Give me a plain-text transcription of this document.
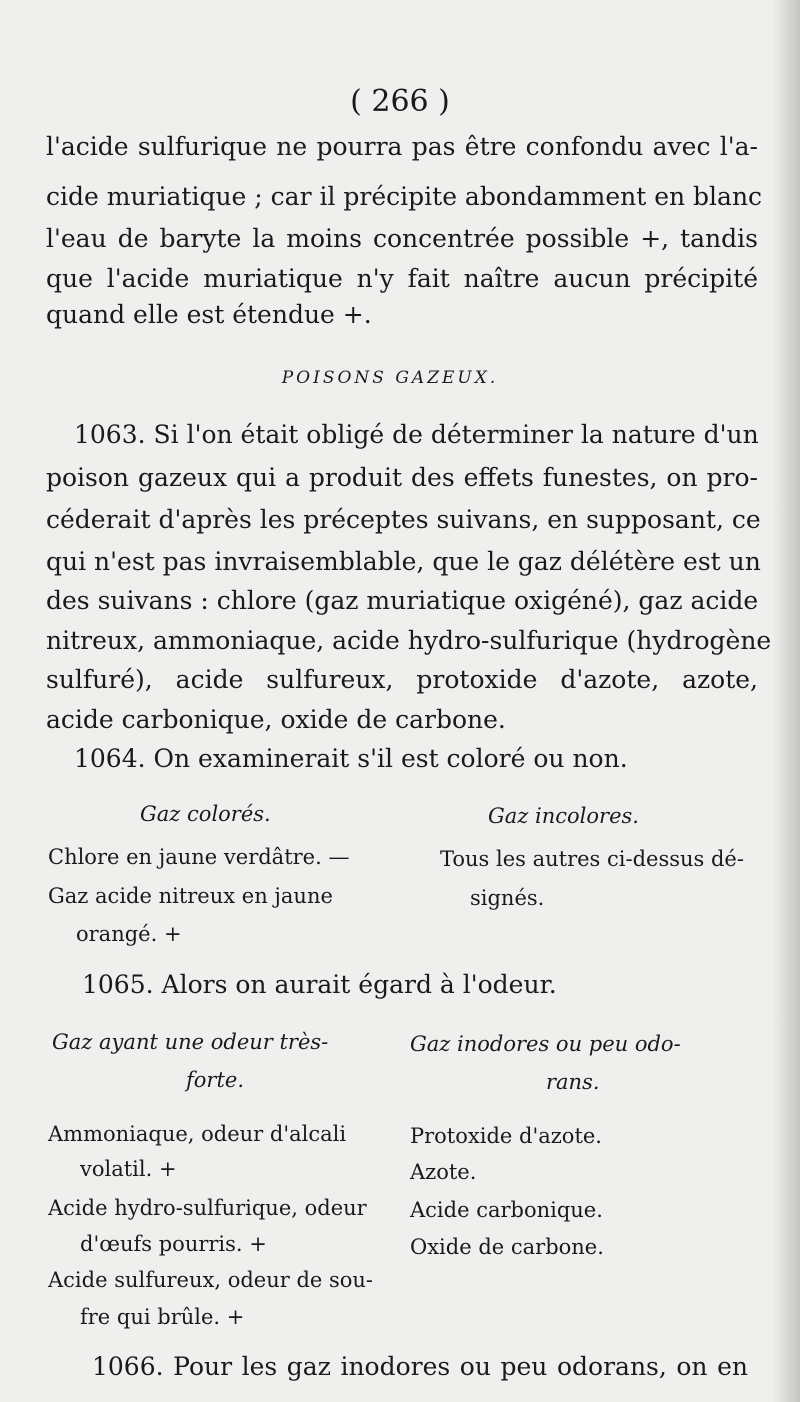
( 266 )
l'acide sulfurique ne pourra pas être confondu avec l'a-
cide muriatique ; car il précipite abondamment en blanc
l'eau de baryte la moins concentrée possible +, tandis
que l'acide muriatique n'y fait naître aucun précipité
quand elle est étendue +.
POISONS GAZEUX.
1063. Si l'on était obligé de déterminer la nature d'un
poison gazeux qui a produit des effets funestes, on pro-
céderait d'après les préceptes suivans, en supposant, ce
qui n'est pas invraisemblable, que le gaz délétère est un
des suivans : chlore (gaz muriatique oxigéné), gaz acide
nitreux, ammoniaque, acide hydro-sulfurique (hydrogène
sulfuré), acide sulfureux, protoxide d'azote, azote,
acide carbonique, oxide de carbone.
1064. On examinerait s'il est coloré ou non.
Gaz colorés.	Gaz incolores.
Chlore en jaune verdâtre. —
Gaz acide nitreux en jaune
orangé. +
Tous les autres ci-dessus dé-
signés.
1065. Alors on aurait égard à l'odeur.
Gaz ayant une odeur très-
forte.
Gaz inodores ou peu odo-
rans.
Ammoniaque, odeur d'alcali
volatil. +
Acide hydro-sulfurique, odeur
d'œufs pourris. +
Acide sulfureux, odeur de sou-
fre qui brûle. +
Protoxide d'azote.
Azote.
Acide carbonique.
Oxide de carbone.
1066. Pour les gaz inodores ou peu odorans, on en
